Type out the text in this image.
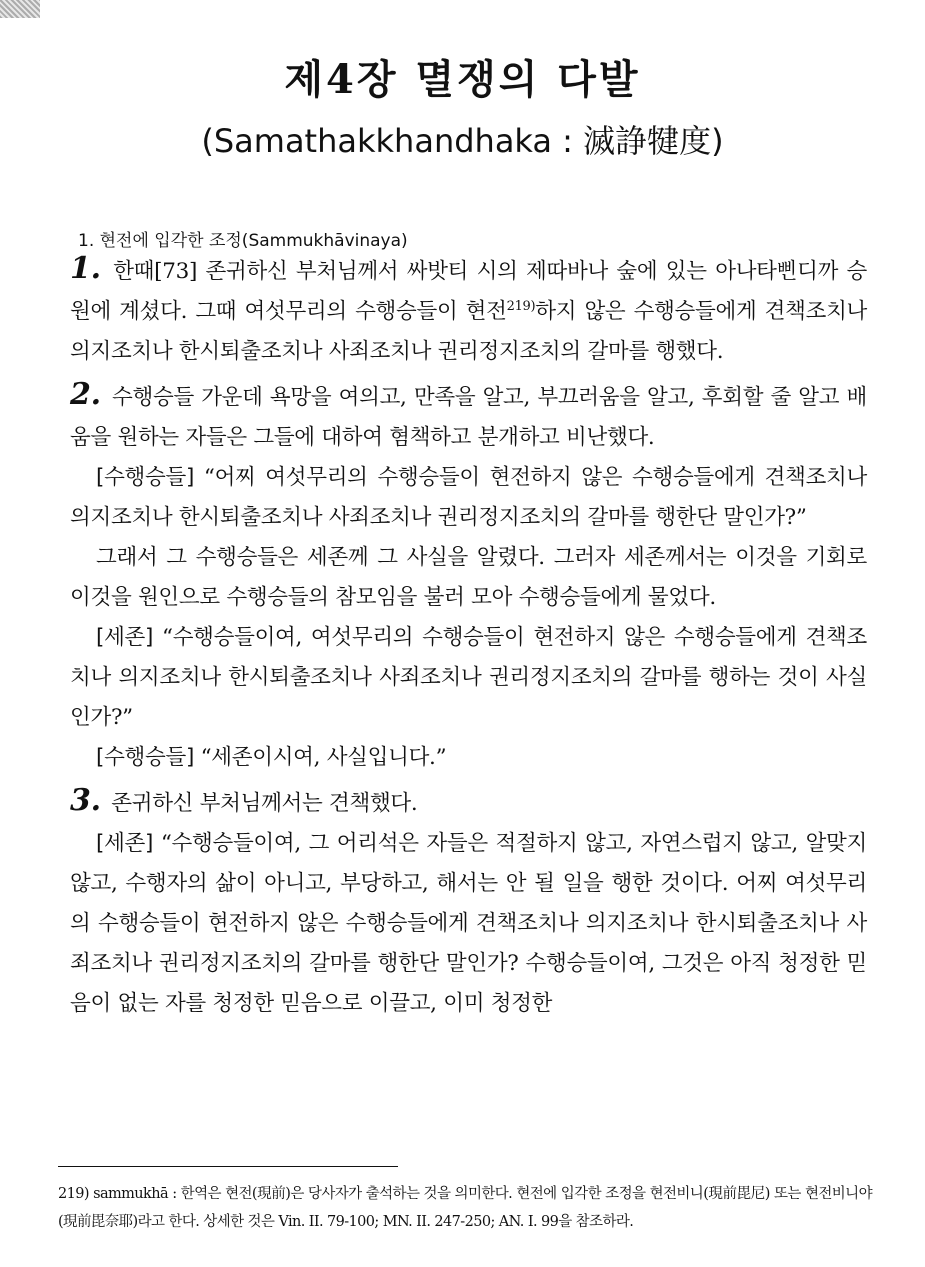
제4장 멸쟁의 다발
(Samathakkhandhaka : 滅諍犍度)
1. 현전에 입각한 조정(Sammukhāvinaya)

1. 한때[73] 존귀하신 부처님께서 싸밧티 시의 제따바나 숲에 있는 아나타삔디까 승원에 계셨다. 그때 여섯무리의 수행승들이 현전$^{219)}$하지 않은 수행승들에게 견책조치나 의지조치나 한시퇴출조치나 사죄조치나 권리정지조치의 갈마를 행했다.

2. 수행승들 가운데 욕망을 여의고, 만족을 알고, 부끄러움을 알고, 후회할 줄 알고 배움을 원하는 자들은 그들에 대하여 혐책하고 분개하고 비난했다.

[수행승들] “어찌 여섯무리의 수행승들이 현전하지 않은 수행승들에게 견책조치나 의지조치나 한시퇴출조치나 사죄조치나 권리정지조치의 갈마를 행한단 말인가?”

그래서 그 수행승들은 세존께 그 사실을 알렸다. 그러자 세존께서는 이것을 기회로 이것을 원인으로 수행승들의 참모임을 불러 모아 수행승들에게 물었다.

[세존] “수행승들이여, 여섯무리의 수행승들이 현전하지 않은 수행승들에게 견책조치나 의지조치나 한시퇴출조치나 사죄조치나 권리정지조치의 갈마를 행하는 것이 사실인가?”

[수행승들] “세존이시여, 사실입니다.”

3. 존귀하신 부처님께서는 견책했다.

[세존] “수행승들이여, 그 어리석은 자들은 적절하지 않고, 자연스럽지 않고, 알맞지 않고, 수행자의 삶이 아니고, 부당하고, 해서는 안 될 일을 행한 것이다. 어찌 여섯무리의 수행승들이 현전하지 않은 수행승들에게 견책조치나 의지조치나 한시퇴출조치나 사죄조치나 권리정지조치의 갈마를 행한단 말인가? 수행승들이여, 그것은 아직 청정한 믿음이 없는 자를 청정한 믿음으로 이끌고, 이미 청정한

219) sammukhā : 한역은 현전(現前)은 당사자가 출석하는 것을 의미한다. 현전에 입각한 조정을 현전비니(現前毘尼) 또는 현전비니야(現前毘奈耶)라고 한다. 상세한 것은 Vin. II. 79-100; MN. II. 247-250; AN. I. 99을 참조하라.
